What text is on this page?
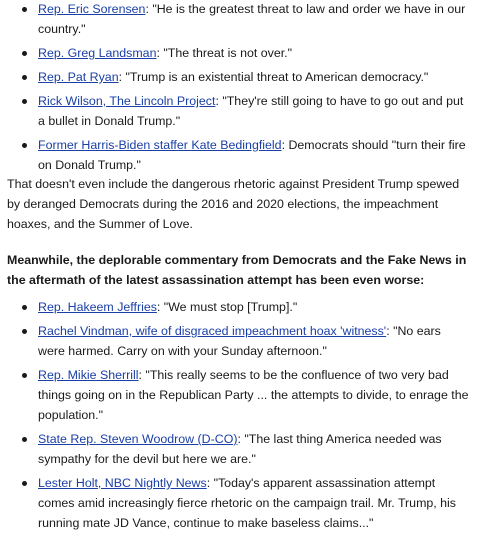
Rep. Eric Sorensen: "He is the greatest threat to law and order we have in our country."
Rep. Greg Landsman: "The threat is not over."
Rep. Pat Ryan: "Trump is an existential threat to American democracy."
Rick Wilson, The Lincoln Project: "They're still going to have to go out and put a bullet in Donald Trump."
Former Harris-Biden staffer Kate Bedingfield: Democrats should "turn their fire on Donald Trump."

That doesn't even include the dangerous rhetoric against President Trump spewed by deranged Democrats during the 2016 and 2020 elections, the impeachment hoaxes, and the Summer of Love.

Meanwhile, the deplorable commentary from Democrats and the Fake News in the aftermath of the latest assassination attempt has been even worse:

Rep. Hakeem Jeffries: "We must stop [Trump]."
Rachel Vindman, wife of disgraced impeachment hoax 'witness': "No ears were harmed. Carry on with your Sunday afternoon."
Rep. Mikie Sherrill: "This really seems to be the confluence of two very bad things going on in the Republican Party ... the attempts to divide, to enrage the population."
State Rep. Steven Woodrow (D-CO): "The last thing America needed was sympathy for the devil but here we are."
Lester Holt, NBC Nightly News: "Today's apparent assassination attempt comes amid increasingly fierce rhetoric on the campaign trail. Mr. Trump, his running mate JD Vance, continue to make baseless claims..."
